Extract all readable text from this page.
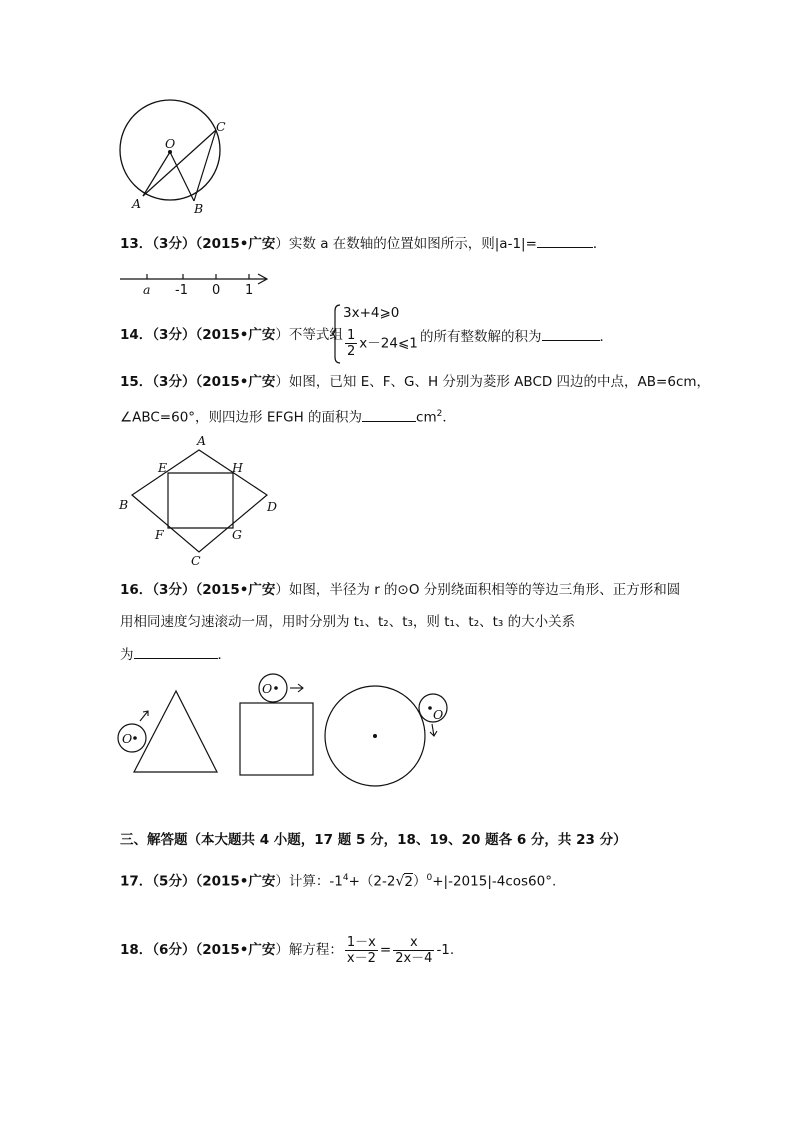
O
A	B
C
13．（3分）（2015•广安）实数 a 在数轴的位置如图所示，则|a-1|=	．
a -1 0 1
14．（3分）（2015•广安）不等式组
3x+4⩾0
$\frac{1}{2}$ x－24⩽1 的所有整数解的积为	．
15．（3分）（2015•广安）如图，已知 E、F、G、H 分别为菱形 ABCD 四边的中点，AB=6cm，
∠ABC=60°，则四边形 EFGH 的面积为	$cm^2$．
A
B
C
D
E
F	G
H
16．（3分）（2015•广安）如图，半径为 r 的⊙O 分别绕面积相等的等边三角形、正方形和圆
用相同速度匀速滚动一周，用时分别为 t₁、t₂、t₃，则 t₁、t₂、t₃ 的大小关系
为	．
O
O
O
三、解答题（本大题共 4 小题，17 题 5 分，18、19、20 题各 6 分，共 23 分）
17．（5分）（2015•广安）计算：$-1^4+(2-2√2)^0+|-2015|-4\cos 60^\circ$.
18．（6分）（2015•广安）解方程： $\frac{1-x}{x-2} = \frac{x}{2x-4} -1$.
